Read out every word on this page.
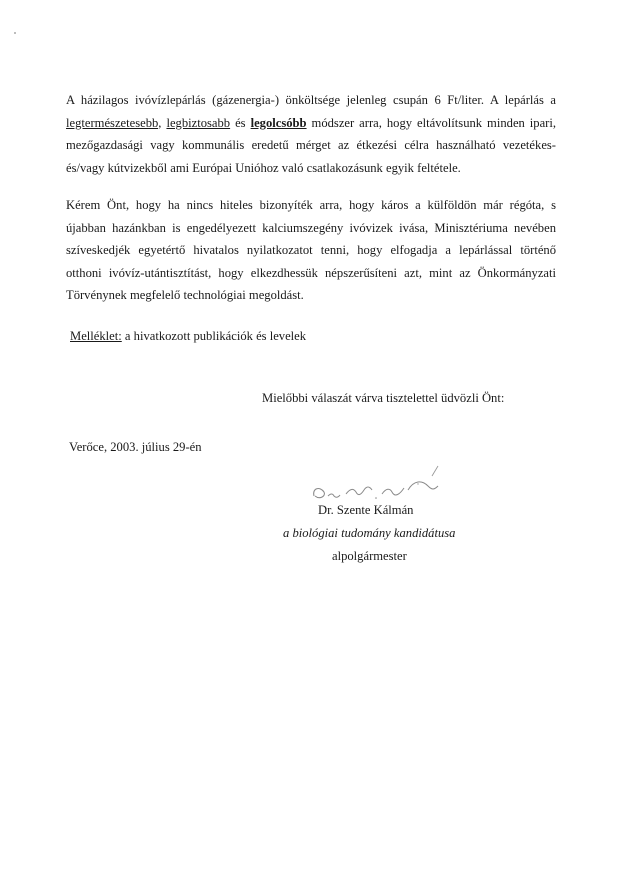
A házilagos ivóvízlepárlás (gázenergia-) önköltsége jelenleg csupán 6 Ft/liter. A lepárlás a
legtermészetesebb, legbiztosabb és legolcsóbb módszer arra, hogy eltávolítsunk minden ipari,
mezőgazdasági vagy kommunális eredetű mérget az étkezési célra használható vezetékes-
és/vagy kútvizekből ami Európai Unióhoz való csatlakozásunk egyik feltétele.
Kérem Önt, hogy ha nincs hiteles bizonyíték arra, hogy káros a külföldön már régóta, s
újabban hazánkban is engedélyezett kalciumszegény ivóvizek ivása, Minisztériuma nevében
szíveskedjék egyetértő hivatalos nyilatkozatot tenni, hogy elfogadja a lepárlással történő
otthoni ivóvíz-utántisztítást, hogy elkezdhessük népszerűsíteni azt, mint az Önkormányzati
Törvénynek megfelelő technológiai megoldást.
Melléklet: a hivatkozott publikációk és levelek
Mielőbbi válaszát várva tisztelettel üdvözli Önt:
Verőce, 2003. július 29-én
Dr. Szente Kálmán
a biológiai tudomány kandidátusa
alpolgármester
